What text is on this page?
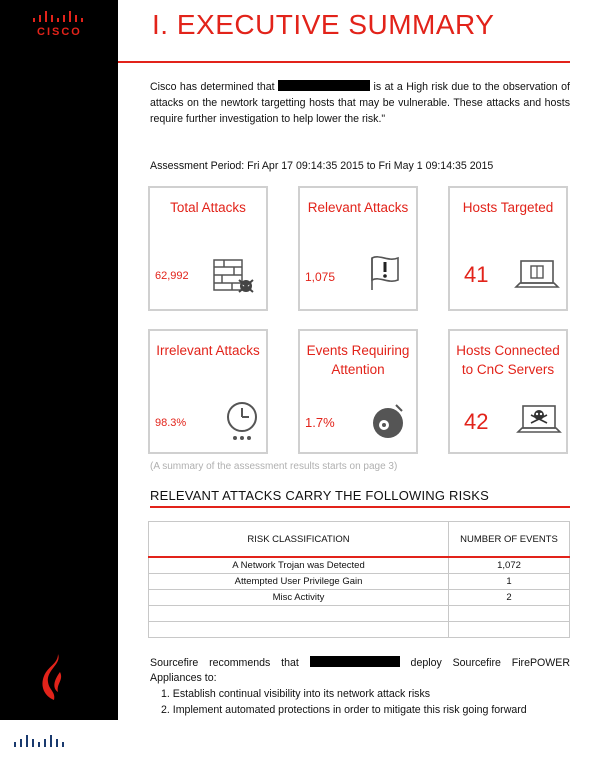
CISCO	I. EXECUTIVE SUMMARY
Cisco has determined that	is at a High risk due to the observation of attacks on the newtork targetting hosts that may be vulnerable. These attacks and hosts require further investigation to help lower the risk."
Assessment Period: Fri Apr 17 09:14:35 2015 to Fri May 1 09:14:35 2015
Total Attacks
62,992
Relevant Attacks
1,075
Hosts Targeted
41
Irrelevant Attacks
98.3%
Events Requiring Attention
1.7%
Hosts Connected to CnC Servers
42
(A summary of the assessment results starts on page 3)
RELEVANT ATTACKS CARRY THE FOLLOWING RISKS
RISK CLASSIFICATION	NUMBER OF EVENTS
A Network Trojan was Detected	1,072
Attempted User Privilege Gain	1
Misc Activity	2

Sourcefire recommends that	deploy Sourcefire FirePOWER Appliances to:
1. Establish continual visibility into its network attack risks
2. Implement automated protections in order to mitigate this risk going forward
